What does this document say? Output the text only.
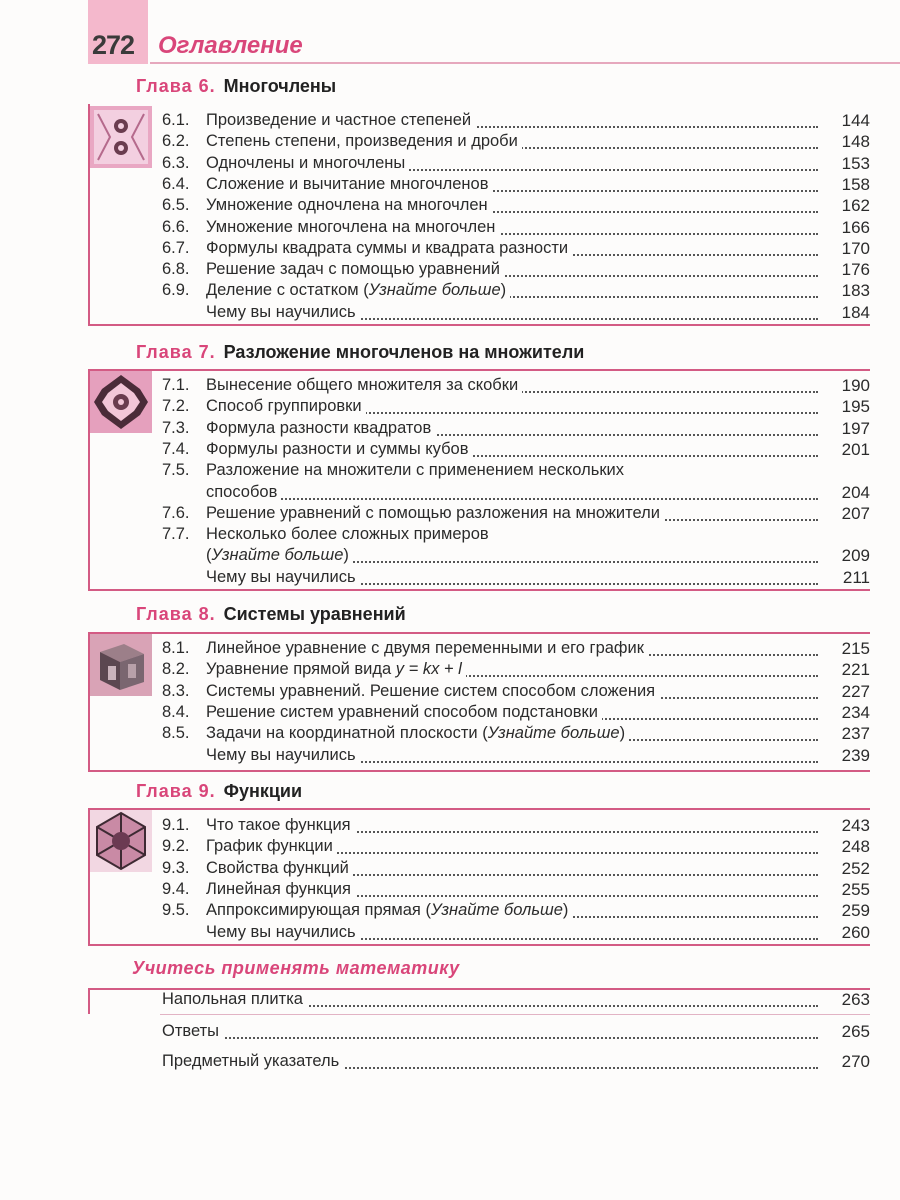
272 Оглавление
Глава 6. Многочлены
Глава 7. Разложение многочленов на множители
Глава 8. Системы уравнений
Глава 9. Функции
Учитесь применять математику
6.1. Произведение и частное степеней	144
6.2. Степень степени, произведения и дроби	148
6.3. Одночлены и многочлены	153
6.4. Сложение и вычитание многочленов	158
6.5. Умножение одночлена на многочлен	162
6.6. Умножение многочлена на многочлен	166
6.7. Формулы квадрата суммы и квадрата разности	170
6.8. Решение задач с помощью уравнений	176
6.9. Деление с остатком (Узнайте больше)	183
Чему вы научились	184
7.1. Вынесение общего множителя за скобки	190
7.2. Способ группировки	195
7.3. Формула разности квадратов	197
7.4. Формулы разности и суммы кубов	201
7.5. Разложение на множители с применением нескольких
способов	204
7.6. Решение уравнений с помощью разложения на множители	207
7.7. Несколько более сложных примеров
(Узнайте больше)	209
Чему вы научились	211
8.1. Линейное уравнение с двумя переменными и его график	215
8.2. Уравнение прямой вида y = kx + l	221
8.3. Системы уравнений. Решение систем способом сложения	227
8.4. Решение систем уравнений способом подстановки	234
8.5. Задачи на координатной плоскости (Узнайте больше)	237
Чему вы научились	239
9.1. Что такое функция	243
9.2. График функции	248
9.3. Свойства функций	252
9.4. Линейная функция	255
9.5. Аппроксимирующая прямая (Узнайте больше)	259
Чему вы научились	260
Напольная плитка	263
Ответы	265
Предметный указатель	270
